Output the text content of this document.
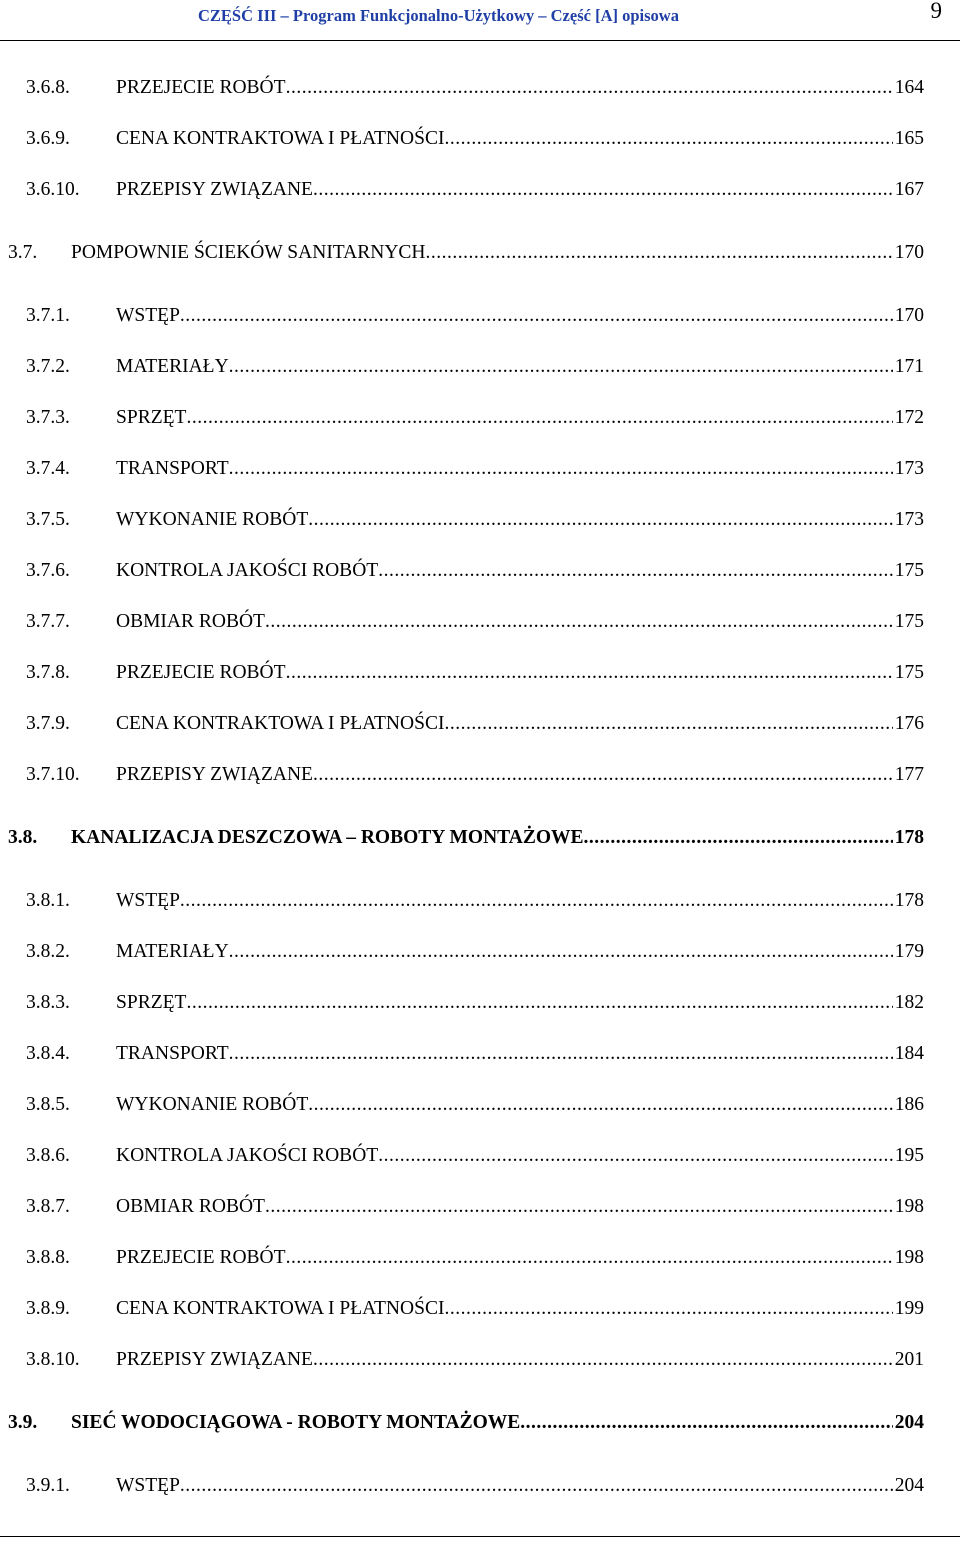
CZĘŚĆ III – Program Funkcjonalno-Użytkowy – Część [A] opisowa	9
3.6.8.	PRZEJECIE ROBÓT .....	164
3.6.9.	CENA KONTRAKTOWA I PŁATNOŚCI .....	165
3.6.10.	PRZEPISY ZWIĄZANE .....	167
3.7.	POMPOWNIE ŚCIEKÓW SANITARNYCH .....	170
3.7.1.	WSTĘP .....	170
3.7.2.	MATERIAŁY .....	171
3.7.3.	SPRZĘT .....	172
3.7.4.	TRANSPORT .....	173
3.7.5.	WYKONANIE ROBÓT .....	173
3.7.6.	KONTROLA JAKOŚCI ROBÓT .....	175
3.7.7.	OBMIAR ROBÓT .....	175
3.7.8.	PRZEJECIE ROBÓT .....	175
3.7.9.	CENA KONTRAKTOWA I PŁATNOŚCI .....	176
3.7.10.	PRZEPISY ZWIĄZANE .....	177
3.8.	KANALIZACJA DESZCZOWA – ROBOTY MONTAŻOWE .....	178
3.8.1.	WSTĘP .....	178
3.8.2.	MATERIAŁY .....	179
3.8.3.	SPRZĘT .....	182
3.8.4.	TRANSPORT .....	184
3.8.5.	WYKONANIE ROBÓT .....	186
3.8.6.	KONTROLA JAKOŚCI ROBÓT .....	195
3.8.7.	OBMIAR ROBÓT .....	198
3.8.8.	PRZEJECIE ROBÓT .....	198
3.8.9.	CENA KONTRAKTOWA I PŁATNOŚCI .....	199
3.8.10.	PRZEPISY ZWIĄZANE .....	201
3.9.	SIEĆ WODOCIĄGOWA - ROBOTY MONTAŻOWE .....	204
3.9.1.	WSTĘP .....	204
